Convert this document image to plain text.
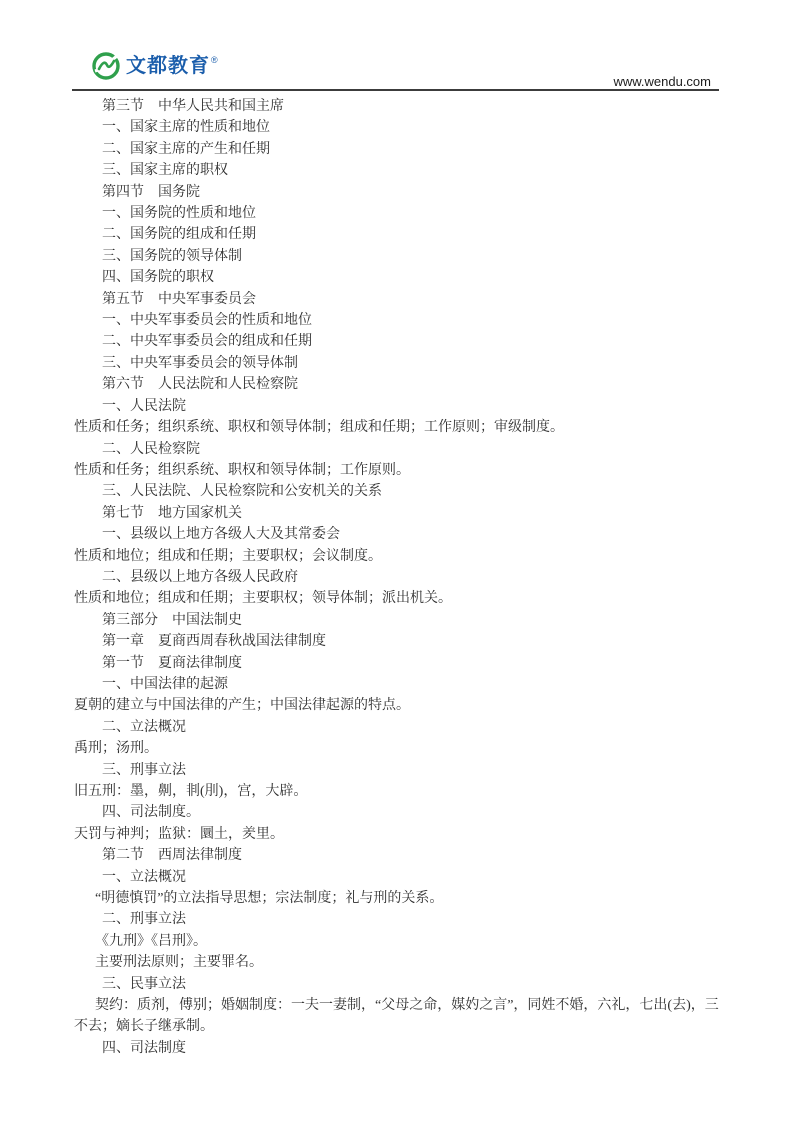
文都教育 ®
www.wendu.com

第三节　中华人民共和国主席

一、国家主席的性质和地位

二、国家主席的产生和任期

三、国家主席的职权

第四节　国务院

一、国务院的性质和地位

二、国务院的组成和任期

三、国务院的领导体制

四、国务院的职权

第五节　中央军事委员会

一、中央军事委员会的性质和地位

二、中央军事委员会的组成和任期

三、中央军事委员会的领导体制

第六节　人民法院和人民检察院

一、人民法院

性质和任务；组织系统、职权和领导体制；组成和任期；工作原则；审级制度。

二、人民检察院

性质和任务；组织系统、职权和领导体制；工作原则。

三、人民法院、人民检察院和公安机关的关系

第七节　地方国家机关

一、县级以上地方各级人大及其常委会

性质和地位；组成和任期；主要职权；会议制度。

二、县级以上地方各级人民政府

性质和地位；组成和任期；主要职权；领导体制；派出机关。

第三部分　中国法制史

第一章　夏商西周春秋战国法律制度

第一节　夏商法律制度

一、中国法律的起源

夏朝的建立与中国法律的产生；中国法律起源的特点。

二、立法概况

禹刑；汤刑。

三、刑事立法

旧五刑：墨，劓，剕(刖)，宫，大辟。

四、司法制度。

天罚与神判；监狱：圜土，羑里。

第二节　西周法律制度

一、立法概况

“明德慎罚”的立法指导思想；宗法制度；礼与刑的关系。

二、刑事立法

《九刑》《吕刑》。

主要刑法原则；主要罪名。

三、民事立法

契约：质剂，傅别；婚姻制度：一夫一妻制，“父母之命，媒妁之言”，同姓不婚，六礼，七出(去)，三不去；嫡长子继承制。

四、司法制度
